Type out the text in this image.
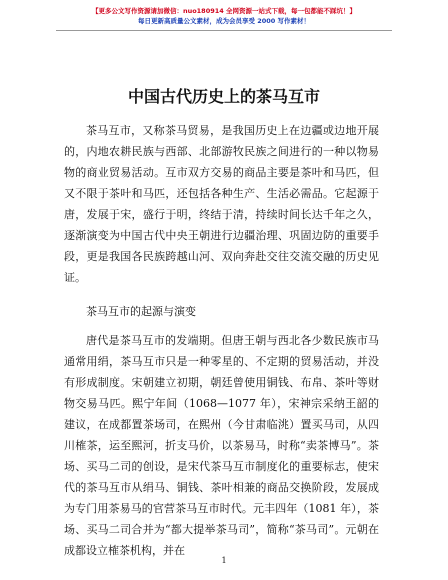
【更多公文写作资源请加微信：nuo180914 全网资源一站式下载，每一包都能不踩坑！】
每日更新高质量公文素材，成为会员享受 2000 写作素材！
中国古代历史上的茶马互市

茶马互市，又称茶马贸易，是我国历史上在边疆或边地开展的，内地农耕民族与西部、北部游牧民族之间进行的一种以物易物的商业贸易活动。互市双方交易的商品主要是茶叶和马匹，但又不限于茶叶和马匹，还包括各种生产、生活必需品。它起源于唐，发展于宋，盛行于明，终结于清，持续时间长达千年之久，逐渐演变为中国古代中央王朝进行边疆治理、巩固边防的重要手段，更是我国各民族跨越山河、双向奔赴交往交流交融的历史见证。

茶马互市的起源与演变

唐代是茶马互市的发端期。但唐王朝与西北各少数民族市马通常用绢，茶马互市只是一种零星的、不定期的贸易活动，并没有形成制度。宋朝建立初期，朝廷曾使用铜钱、布帛、茶叶等财物交易马匹。熙宁年间（1068—1077 年），宋神宗采纳王韶的建议，在成都置茶场司，在熙州（今甘肃临洮）置买马司，从四川榷茶，运至熙河，折支马价，以茶易马，时称“卖茶博马”。茶场、买马二司的创设，是宋代茶马互市制度化的重要标志，使宋代的茶马互市从绢马、铜钱、茶叶相兼的商品交换阶段，发展成为专门用茶易马的官营茶马互市时代。元丰四年（1081 年），茶场、买马二司合并为“都大提举茶马司”，简称“茶马司”。元朝在成都设立榷茶机构，并在

1
